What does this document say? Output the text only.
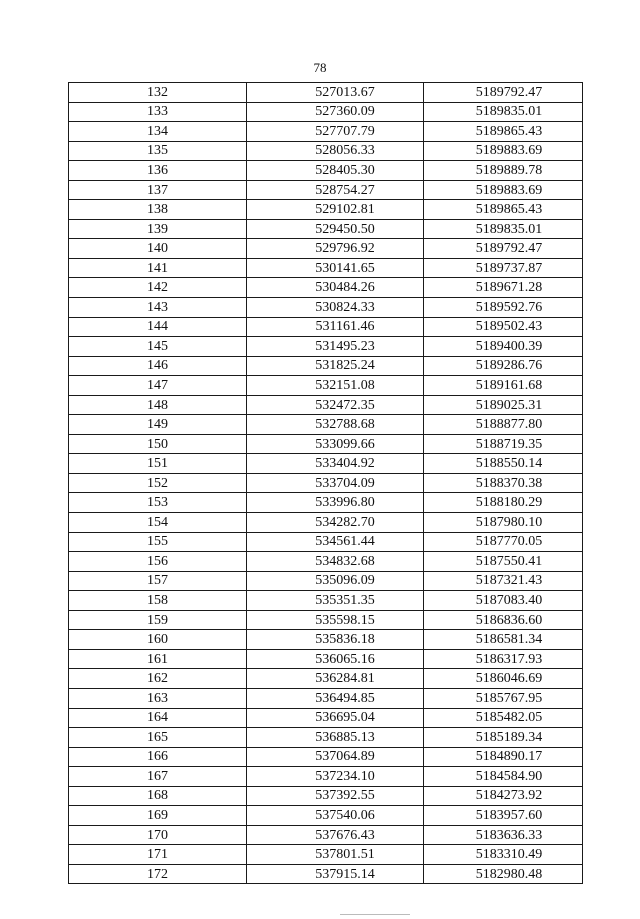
78
132	527013.67	5189792.47
133	527360.09	5189835.01
134	527707.79	5189865.43
135	528056.33	5189883.69
136	528405.30	5189889.78
137	528754.27	5189883.69
138	529102.81	5189865.43
139	529450.50	5189835.01
140	529796.92	5189792.47
141	530141.65	5189737.87
142	530484.26	5189671.28
143	530824.33	5189592.76
144	531161.46	5189502.43
145	531495.23	5189400.39
146	531825.24	5189286.76
147	532151.08	5189161.68
148	532472.35	5189025.31
149	532788.68	5188877.80
150	533099.66	5188719.35
151	533404.92	5188550.14
152	533704.09	5188370.38
153	533996.80	5188180.29
154	534282.70	5187980.10
155	534561.44	5187770.05
156	534832.68	5187550.41
157	535096.09	5187321.43
158	535351.35	5187083.40
159	535598.15	5186836.60
160	535836.18	5186581.34
161	536065.16	5186317.93
162	536284.81	5186046.69
163	536494.85	5185767.95
164	536695.04	5185482.05
165	536885.13	5185189.34
166	537064.89	5184890.17
167	537234.10	5184584.90
168	537392.55	5184273.92
169	537540.06	5183957.60
170	537676.43	5183636.33
171	537801.51	5183310.49
172	537915.14	5182980.48
